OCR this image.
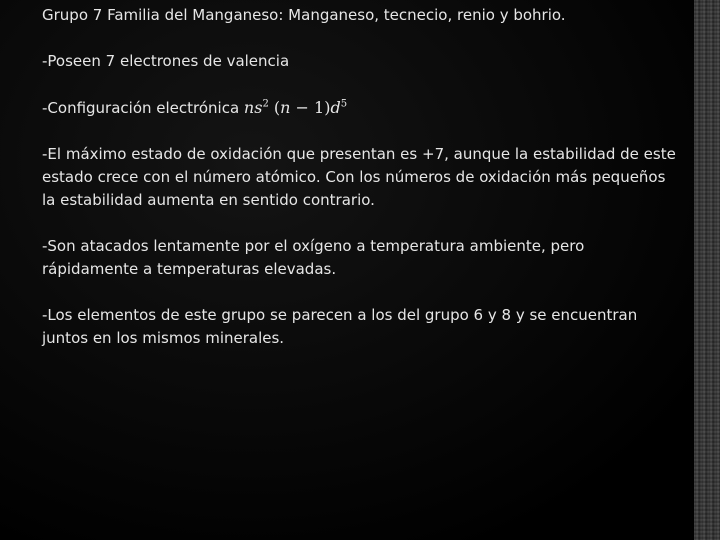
Grupo 7 Familia del Manganeso: Manganeso, tecnecio, renio y bohrio.

-Poseen 7 electrones de valencia

-Configuración electrónica $ns^2$ $(n - 1)d^5$

-El máximo estado de oxidación que presentan es +7, aunque la estabilidad de este estado crece con el número atómico. Con los números de oxidación más pequeños la estabilidad aumenta en sentido contrario.

-Son atacados lentamente por el oxígeno a temperatura ambiente, pero rápidamente a temperaturas elevadas.

-Los elementos de este grupo se parecen a los del grupo 6 y 8 y se encuentran juntos en los mismos minerales.
